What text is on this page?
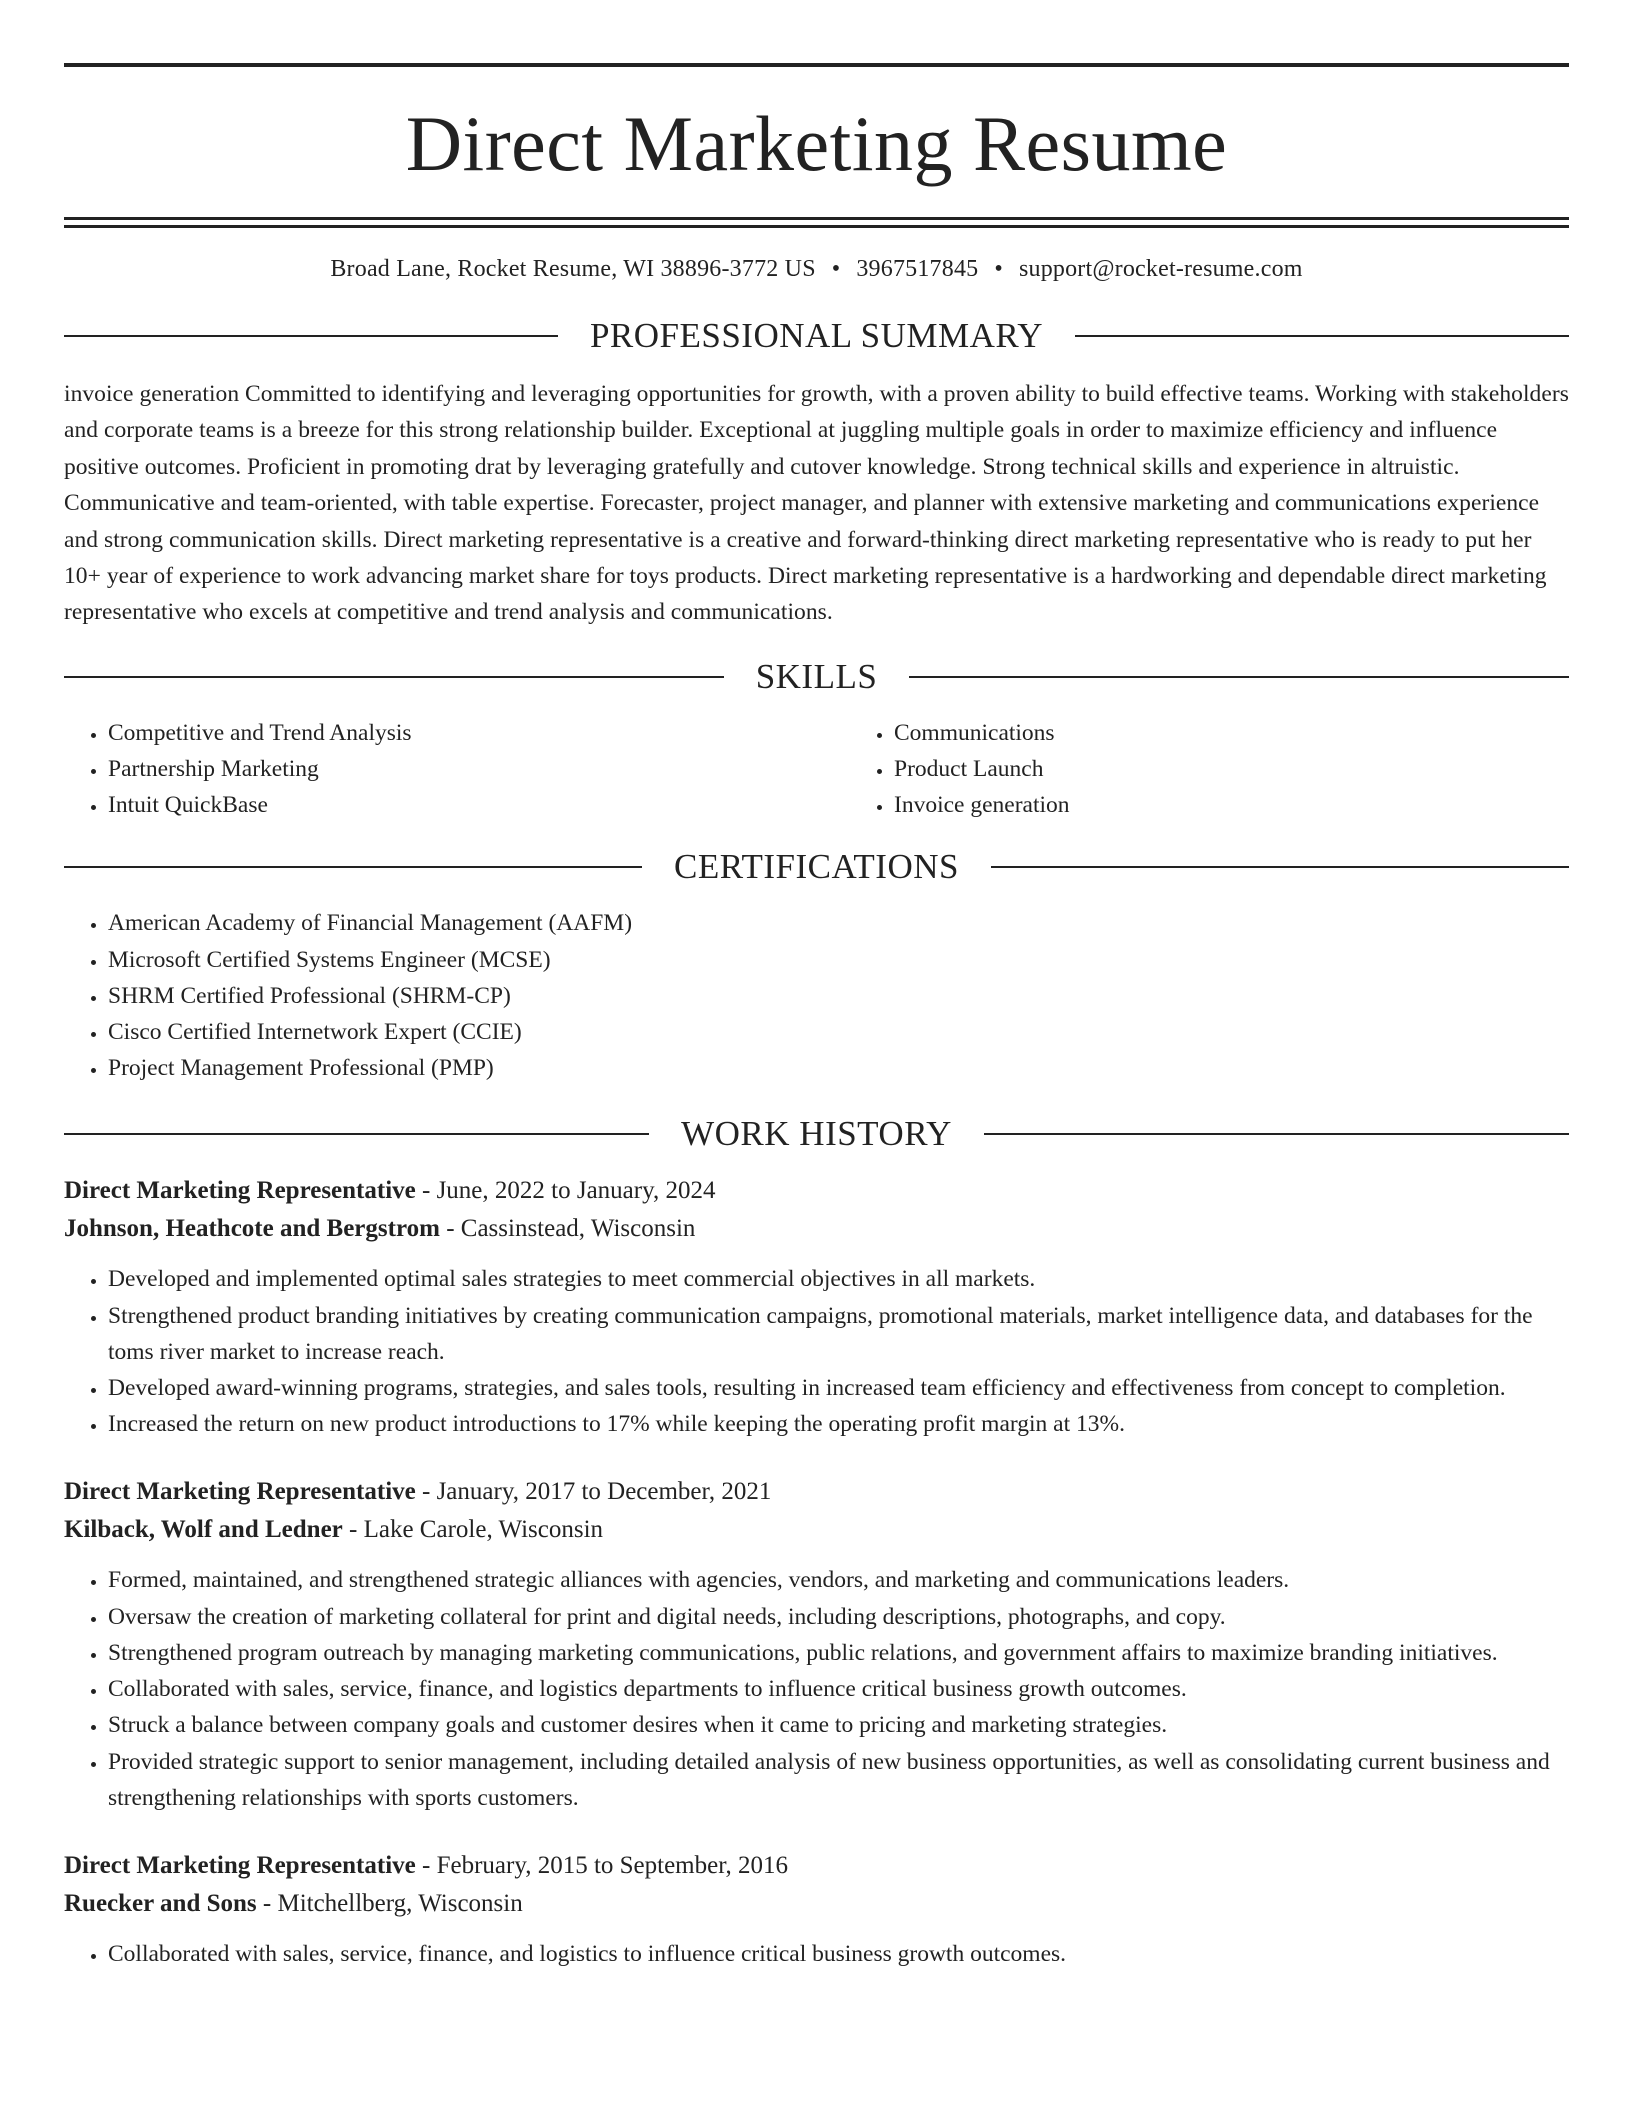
Direct Marketing Resume
Broad Lane, Rocket Resume, WI 38896-3772 US • 3967517845 • support@rocket-resume.com
PROFESSIONAL SUMMARY

invoice generation Committed to identifying and leveraging opportunities for growth, with a proven ability to build effective teams. Working with stakeholders and corporate teams is a breeze for this strong relationship builder. Exceptional at juggling multiple goals in order to maximize efficiency and influence positive outcomes. Proficient in promoting drat by leveraging gratefully and cutover knowledge. Strong technical skills and experience in altruistic. Communicative and team-oriented, with table expertise. Forecaster, project manager, and planner with extensive marketing and communications experience and strong communication skills. Direct marketing representative is a creative and forward-thinking direct marketing representative who is ready to put her 10+ year of experience to work advancing market share for toys products. Direct marketing representative is a hardworking and dependable direct marketing representative who excels at competitive and trend analysis and communications.

SKILLS
• Competitive and Trend Analysis
• Partnership Marketing
• Intuit QuickBase
• Communications
• Product Launch
• Invoice generation
CERTIFICATIONS
• American Academy of Financial Management (AAFM)
• Microsoft Certified Systems Engineer (MCSE)
• SHRM Certified Professional (SHRM-CP)
• Cisco Certified Internetwork Expert (CCIE)
• Project Management Professional (PMP)
WORK HISTORY
Direct Marketing Representative - June, 2022 to January, 2024
Johnson, Heathcote and Bergstrom - Cassinstead, Wisconsin
• Developed and implemented optimal sales strategies to meet commercial objectives in all markets.
• Strengthened product branding initiatives by creating communication campaigns, promotional materials, market intelligence data, and databases for the toms river market to increase reach.
• Developed award-winning programs, strategies, and sales tools, resulting in increased team efficiency and effectiveness from concept to completion.
• Increased the return on new product introductions to 17% while keeping the operating profit margin at 13%.
Direct Marketing Representative - January, 2017 to December, 2021
Kilback, Wolf and Ledner - Lake Carole, Wisconsin
• Formed, maintained, and strengthened strategic alliances with agencies, vendors, and marketing and communications leaders.
• Oversaw the creation of marketing collateral for print and digital needs, including descriptions, photographs, and copy.
• Strengthened program outreach by managing marketing communications, public relations, and government affairs to maximize branding initiatives.
• Collaborated with sales, service, finance, and logistics departments to influence critical business growth outcomes.
• Struck a balance between company goals and customer desires when it came to pricing and marketing strategies.
• Provided strategic support to senior management, including detailed analysis of new business opportunities, as well as consolidating current business and strengthening relationships with sports customers.
Direct Marketing Representative - February, 2015 to September, 2016
Ruecker and Sons - Mitchellberg, Wisconsin
• Collaborated with sales, service, finance, and logistics to influence critical business growth outcomes.
